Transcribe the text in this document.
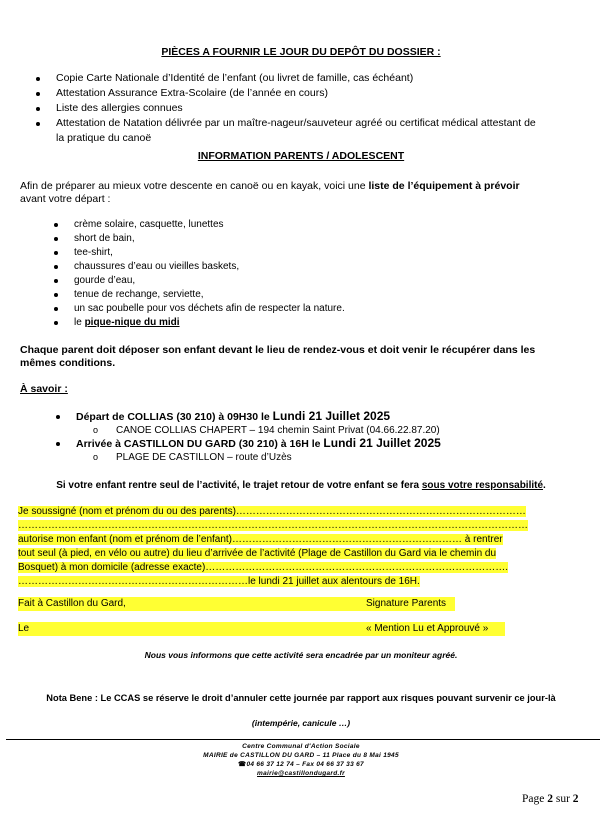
PIÈCES A FOURNIR LE JOUR DU DEPÔT DU DOSSIER :
Copie Carte Nationale d’Identité de l’enfant (ou livret de famille, cas échéant)
Attestation Assurance Extra-Scolaire (de l’année en cours)
Liste des allergies connues
Attestation de Natation délivrée par un maître-nageur/sauveteur agréé ou certificat médical attestant de
la pratique du canoë
INFORMATION PARENTS / ADOLESCENT
Afin de préparer au mieux votre descente en canoë ou en kayak, voici une liste de l’équipement à prévoir
avant votre départ :
crème solaire, casquette, lunettes
short de bain,
tee-shirt,
chaussures d’eau ou vieilles baskets,
gourde d’eau,
tenue de rechange, serviette,
un sac poubelle pour vos déchets afin de respecter la nature.
le pique-nique du midi
Chaque parent doit déposer son enfant devant le lieu de rendez-vous et doit venir le récupérer dans les
mêmes conditions.
À savoir :
Départ de COLLIAS (30 210) à 09H30 le Lundi 21 Juillet 2025
o CANOE COLLIAS CHAPERT – 194 chemin Saint Privat (04.66.22.87.20)
Arrivée à CASTILLON DU GARD (30 210) à 16H le Lundi 21 Juillet 2025
o PLAGE DE CASTILLON – route d’Uzès
Si votre enfant rentre seul de l’activité, le trajet retour de votre enfant se fera sous votre responsabilité.
Je soussigné (nom et prénom du ou des parents)……………………………………………………………………………
………………………………………………………………………………………………………………………………………
autorise mon enfant (nom et prénom de l’enfant)…………………………………………………………… à rentrer
tout seul (à pied, en vélo ou autre) du lieu d’arrivée de l’activité (Plage de Castillon du Gard via le chemin du
Bosquet) à mon domicile (adresse exacte)……………………………………………………………………………….
……………………………………………………………le lundi 21 juillet aux alentours de 16H.
Fait à Castillon du Gard,	Signature Parents
Le	« Mention Lu et Approuvé »
Nous vous informons que cette activité sera encadrée par un moniteur agréé.
Nota Bene : Le CCAS se réserve le droit d’annuler cette journée par rapport aux risques pouvant survenir ce jour-là
(intempérie, canicule …)
Centre Communal d'Action Sociale
MAIRIE de CASTILLON DU GARD – 11 Place du 8 Mai 1945
☎04 66 37 12 74 – Fax 04 66 37 33 67
mairie@castillondugard.fr
Page 2 sur 2
